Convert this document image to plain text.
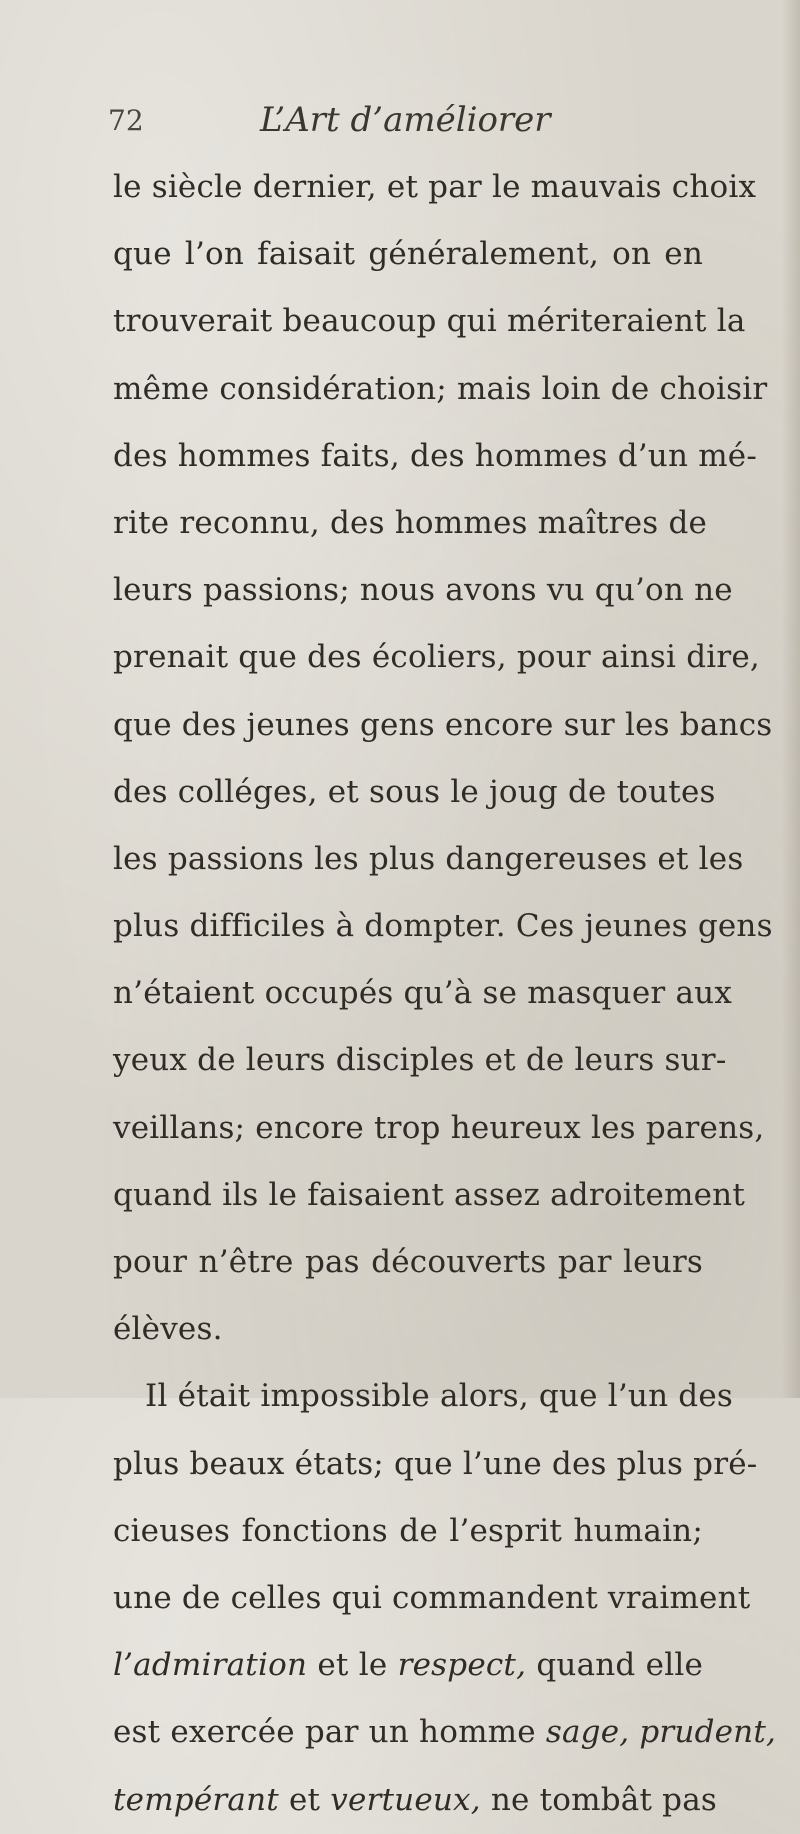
72	L’Art d’améliorer
le siècle dernier, et par le mauvais choix
que l’on faisait généralement, on en
trouverait beaucoup qui mériteraient la
même considération; mais loin de choisir
des hommes faits, des hommes d’un mé-
rite reconnu, des hommes maîtres de
leurs passions; nous avons vu qu’on ne
prenait que des écoliers, pour ainsi dire,
que des jeunes gens encore sur les bancs
des colléges, et sous le joug de toutes
les passions les plus dangereuses et les
plus difficiles à dompter. Ces jeunes gens
n’étaient occupés qu’à se masquer aux
yeux de leurs disciples et de leurs sur-
veillans; encore trop heureux les parens,
quand ils le faisaient assez adroitement
pour n’être pas découverts par leurs
élèves.
Il était impossible alors, que l’un des
plus beaux états; que l’une des plus pré-
cieuses fonctions de l’esprit humain;
une de celles qui commandent vraiment
l’admiration et le respect, quand elle
est exercée par un homme sage, prudent,
tempérant et vertueux, ne tombât pas
